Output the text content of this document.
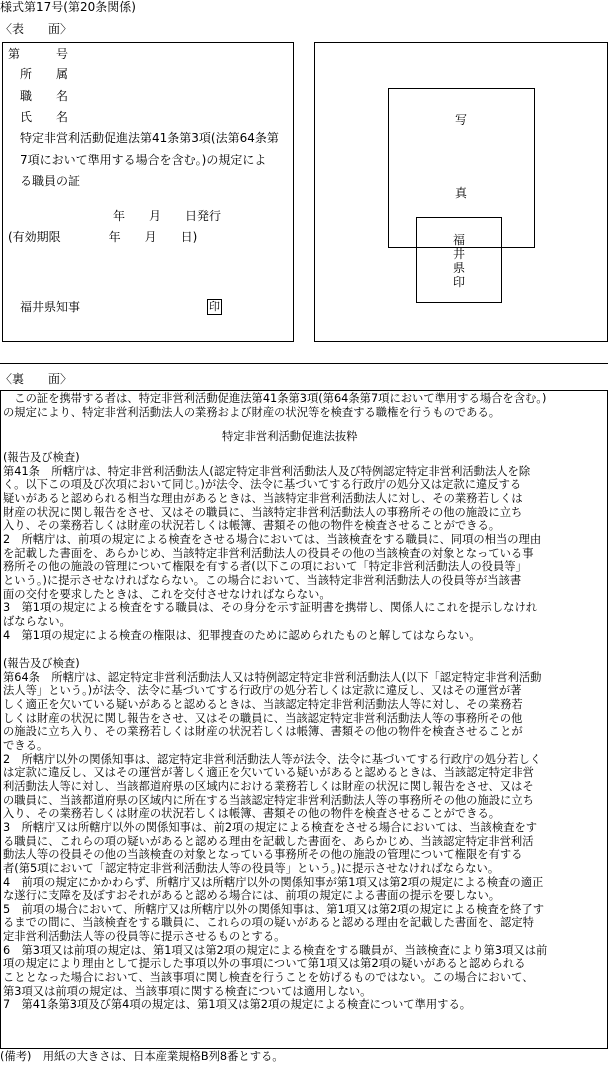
様式第17号(第20条関係)
〈表　　面〉
第　　　号
所　　属
職　　名
氏　　名
特定非営利活動促進法第41条第3項(法第64条第
7項において準用する場合を含む。)の規定によ
る職員の証
年　　月　　日発行
(有効期限　　　　年　　月　　日)
福井県知事	印
写
真
福
井
県
印
〈裏　　面〉
　この証を携帯する者は、特定非営利活動促進法第41条第3項(第64条第7項において準用する場合を含む。)
の規定により、特定非営利活動法人の業務および財産の状況等を検査する職権を行うものである。
特定非営利活動促進法抜粋
(報告及び検査)
第41条　所轄庁は、特定非営利活動法人(認定特定非営利活動法人及び特例認定特定非営利活動法人を除
く。以下この項及び次項において同じ。)が法令、法令に基づいてする行政庁の処分又は定款に違反する
疑いがあると認められる相当な理由があるときは、当該特定非営利活動法人に対し、その業務若しくは
財産の状況に関し報告をさせ、又はその職員に、当該特定非営利活動法人の事務所その他の施設に立ち
入り、その業務若しくは財産の状況若しくは帳簿、書類その他の物件を検査させることができる。
2　所轄庁は、前項の規定による検査をさせる場合においては、当該検査をする職員に、同項の相当の理由
を記載した書面を、あらかじめ、当該特定非営利活動法人の役員その他の当該検査の対象となっている事
務所その他の施設の管理について権限を有する者(以下この項において「特定非営利活動法人の役員等」
という。)に提示させなければならない。この場合において、当該特定非営利活動法人の役員等が当該書
面の交付を要求したときは、これを交付させなければならない。
3　第1項の規定による検査をする職員は、その身分を示す証明書を携帯し、関係人にこれを提示しなけれ
ばならない。
4　第1項の規定による検査の権限は、犯罪捜査のために認められたものと解してはならない。
(報告及び検査)
第64条　所轄庁は、認定特定非営利活動法人又は特例認定特定非営利活動法人(以下「認定特定非営利活動
法人等」という。)が法令、法令に基づいてする行政庁の処分若しくは定款に違反し、又はその運営が著
しく適正を欠いている疑いがあると認めるときは、当該認定特定非営利活動法人等に対し、その業務若
しくは財産の状況に関し報告をさせ、又はその職員に、当該認定特定非営利活動法人等の事務所その他
の施設に立ち入り、その業務若しくは財産の状況若しくは帳簿、書類その他の物件を検査させることが
できる。
2　所轄庁以外の関係知事は、認定特定非営利活動法人等が法令、法令に基づいてする行政庁の処分若しく
は定款に違反し、又はその運営が著しく適正を欠いている疑いがあると認めるときは、当該認定特定非営
利活動法人等に対し、当該都道府県の区域内における業務若しくは財産の状況に関し報告をさせ、又はそ
の職員に、当該都道府県の区域内に所在する当該認定特定非営利活動法人等の事務所その他の施設に立ち
入り、その業務若しくは財産の状況若しくは帳簿、書類その他の物件を検査させることができる。
3　所轄庁又は所轄庁以外の関係知事は、前2項の規定による検査をさせる場合においては、当該検査をす
る職員に、これらの項の疑いがあると認める理由を記載した書面を、あらかじめ、当該認定特定非営利活
動法人等の役員その他の当該検査の対象となっている事務所その他の施設の管理について権限を有する
者(第5項において「認定特定非営利活動法人等の役員等」という。)に提示させなければならない。
4　前項の規定にかかわらず、所轄庁又は所轄庁以外の関係知事が第1項又は第2項の規定による検査の適正
な遂行に支障を及ぼすおそれがあると認める場合には、前項の規定による書面の提示を要しない。
5　前項の場合において、所轄庁又は所轄庁以外の関係知事は、第1項又は第2項の規定による検査を終了す
るまでの間に、当該検査をする職員に、これらの項の疑いがあると認める理由を記載した書面を、認定特
定非営利活動法人等の役員等に提示させるものとする。
6　第3項又は前項の規定は、第1項又は第2項の規定による検査をする職員が、当該検査により第3項又は前
項の規定により理由として提示した事項以外の事項について第1項又は第2項の疑いがあると認められる
こととなった場合において、当該事項に関し検査を行うことを妨げるものではない。この場合において、
第3項又は前項の規定は、当該事項に関する検査については適用しない。
7　第41条第3項及び第4項の規定は、第1項又は第2項の規定による検査について準用する。
(備考)　用紙の大きさは、日本産業規格B列8番とする。
